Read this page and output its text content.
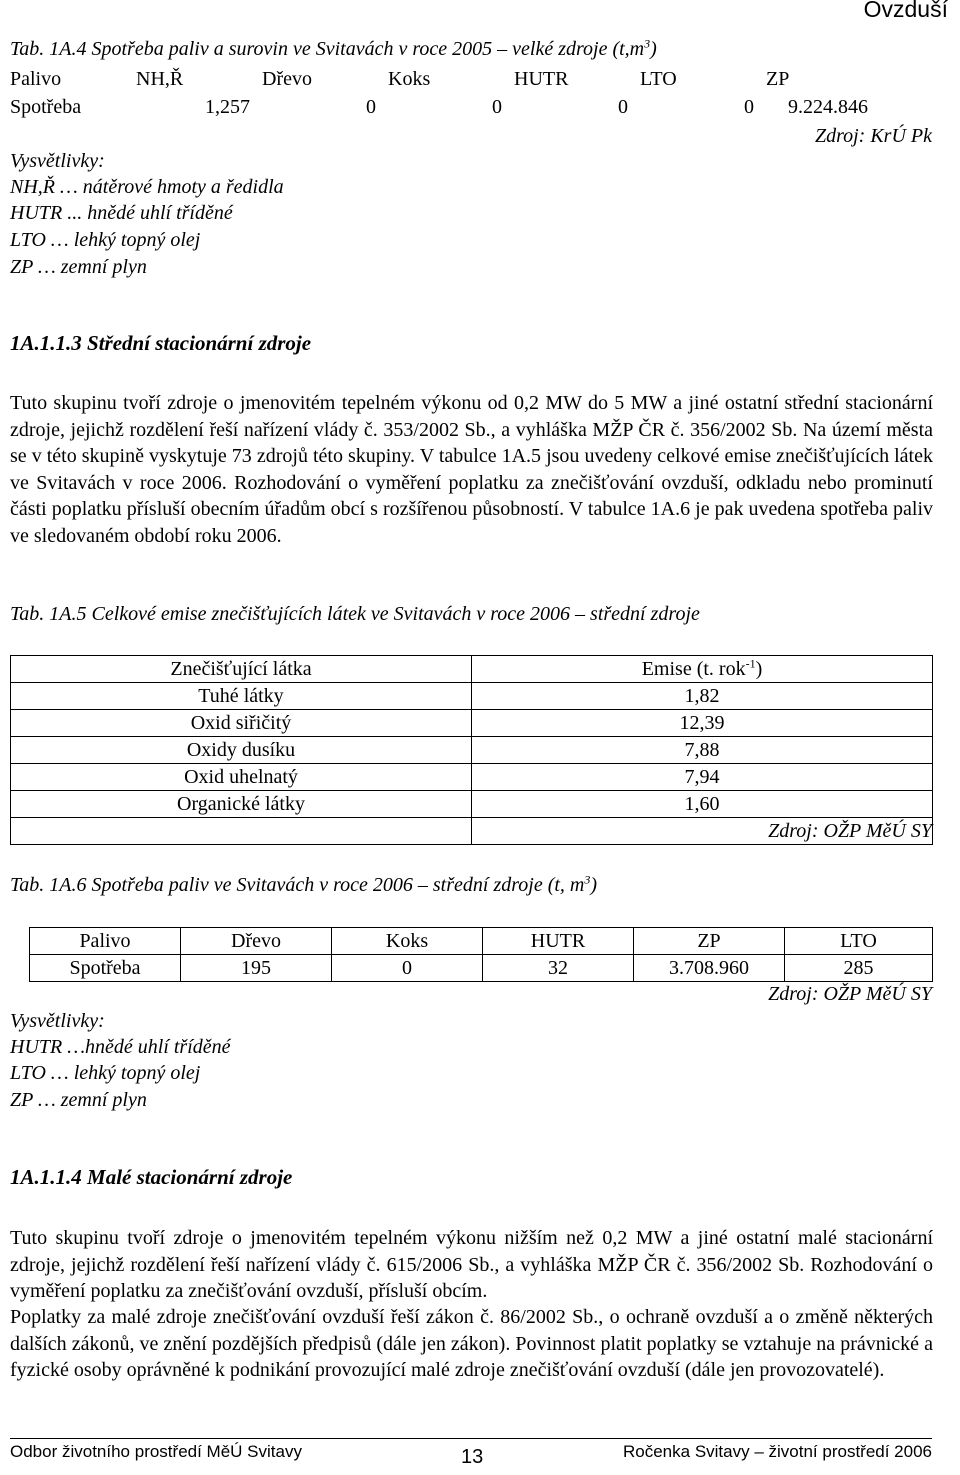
Ovzduší
Tab. 1A.4 Spotřeba paliv a surovin ve Svitavách v roce 2005 – velké zdroje $(t,m^3)$
Palivo	NH,Ř	Dřevo	Koks	HUTR	LTO	ZP
Spotřeba	1,257	0	0	0	0 9.224.846
Zdroj: KrÚ Pk
Vysvětlivky:
NH,Ř … nátěrové hmoty a ředidla
HUTR ... hnědé uhlí tříděné
LTO … lehký topný olej
ZP … zemní plyn
1A.1.1.3 Střední stacionární zdroje

Tuto skupinu tvoří zdroje o jmenovitém tepelném výkonu od 0,2 MW do 5 MW a jiné ostatní střední stacionární zdroje, jejichž rozdělení řeší nařízení vlády č. 353/2002 Sb., a vyhláška MŽP ČR č. 356/2002 Sb. Na území města se v této skupině vyskytuje 73 zdrojů této skupiny. V tabulce 1A.5 jsou uvedeny celkové emise znečišťujících látek ve Svitavách v roce 2006. Rozhodování o vyměření poplatku za znečišťování ovzduší, odkladu nebo prominutí části poplatku přísluší obecním úřadům obcí s rozšířenou působností. V tabulce 1A.6 je pak uvedena spotřeba paliv ve sledovaném období roku 2006.

Tab. 1A.5 Celkové emise znečišťujících látek ve Svitavách v roce 2006 – střední zdroje
Znečišťující látka	Emise (t. rok$^{-1}$)
Tuhé látky	1,82
Oxid siřičitý	12,39
Oxidy dusíku	7,88
Oxid uhelnatý	7,94
Organické látky	1,60

Zdroj: OŽP MěÚ SY
Tab. 1A.6 Spotřeba paliv ve Svitavách v roce 2006 – střední zdroje (t, $m^3$)
Palivo	Dřevo	Koks	HUTR	ZP	LTO
Spotřeba	195	0	32	3.708.960	285
Zdroj: OŽP MěÚ SY
Vysvětlivky:
HUTR …hnědé uhlí tříděné
LTO … lehký topný olej
ZP … zemní plyn
1A.1.1.4 Malé stacionární zdroje

Tuto skupinu tvoří zdroje o jmenovitém tepelném výkonu nižším než 0,2 MW a jiné ostatní malé stacionární zdroje, jejichž rozdělení řeší nařízení vlády č. 615/2006 Sb., a vyhláška MŽP ČR č. 356/2002 Sb. Rozhodování o vyměření poplatku za znečišťování ovzduší, přísluší obcím.

Poplatky za malé zdroje znečišťování ovzduší řeší zákon č. 86/2002 Sb., o ochraně ovzduší a o změně některých dalších zákonů, ve znění pozdějších předpisů (dále jen zákon). Povinnost platit poplatky se vztahuje na právnické a fyzické osoby oprávněné k podnikání provozující malé zdroje znečišťování ovzduší (dále jen provozovatelé).

Odbor životního prostředí MěÚ Svitavy	13	Ročenka Svitavy – životní prostředí 2006
